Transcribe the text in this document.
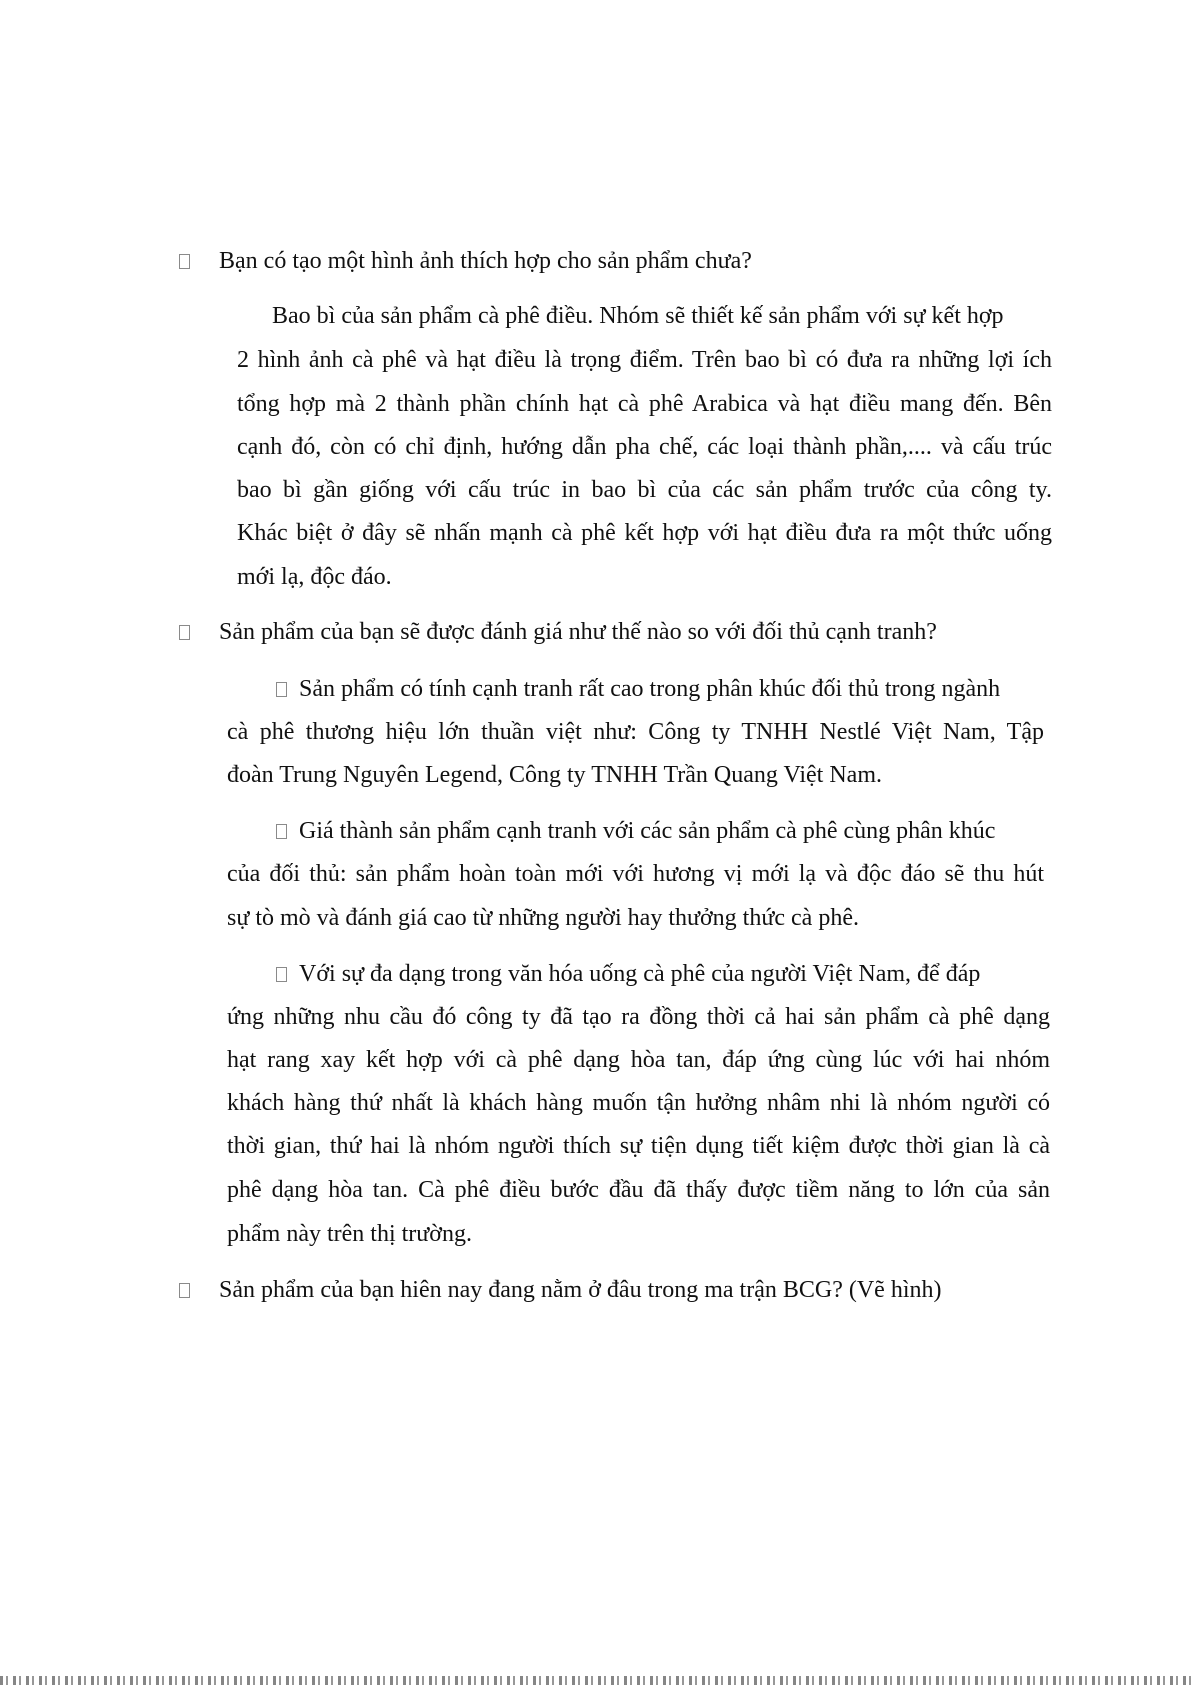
Bạn có tạo một hình ảnh thích hợp cho sản phẩm chưa?
Bao bì của sản phẩm cà phê điều. Nhóm sẽ thiết kế sản phẩm với sự kết hợp
2 hình ảnh cà phê và hạt điều là trọng điểm. Trên bao bì có đưa ra những lợi ích
tổng hợp mà 2 thành phần chính hạt cà phê Arabica và hạt điều mang đến. Bên
cạnh đó, còn có chỉ định, hướng dẫn pha chế, các loại thành phần,.... và cấu trúc
bao bì gần giống với cấu trúc in bao bì của các sản phẩm trước của công ty.
Khác biệt ở đây sẽ nhấn mạnh cà phê kết hợp với hạt điều đưa ra một thức uống
mới lạ, độc đáo.
Sản phẩm của bạn sẽ được đánh giá như thế nào so với đối thủ cạnh tranh?
Sản phẩm có tính cạnh tranh rất cao trong phân khúc đối thủ trong ngành
cà phê thương hiệu lớn thuần việt như: Công ty TNHH Nestlé Việt Nam, Tập
đoàn Trung Nguyên Legend, Công ty TNHH Trần Quang Việt Nam.
Giá thành sản phẩm cạnh tranh với các sản phẩm cà phê cùng phân khúc
của đối thủ: sản phẩm hoàn toàn mới với hương vị mới lạ và độc đáo sẽ thu hút
sự tò mò và đánh giá cao từ những người hay thưởng thức cà phê.
Với sự đa dạng trong văn hóa uống cà phê của người Việt Nam, để đáp
ứng những nhu cầu đó công ty đã tạo ra đồng thời cả hai sản phẩm cà phê dạng
hạt rang xay kết hợp với cà phê dạng hòa tan, đáp ứng cùng lúc với hai nhóm
khách hàng thứ nhất là khách hàng muốn tận hưởng nhâm nhi là nhóm người có
thời gian, thứ hai là nhóm người thích sự tiện dụng tiết kiệm được thời gian là cà
phê dạng hòa tan. Cà phê điều bước đầu đã thấy được tiềm năng to lớn của sản
phẩm này trên thị trường.
Sản phẩm của bạn hiên nay đang nằm ở đâu trong ma trận BCG? (Vẽ hình)
